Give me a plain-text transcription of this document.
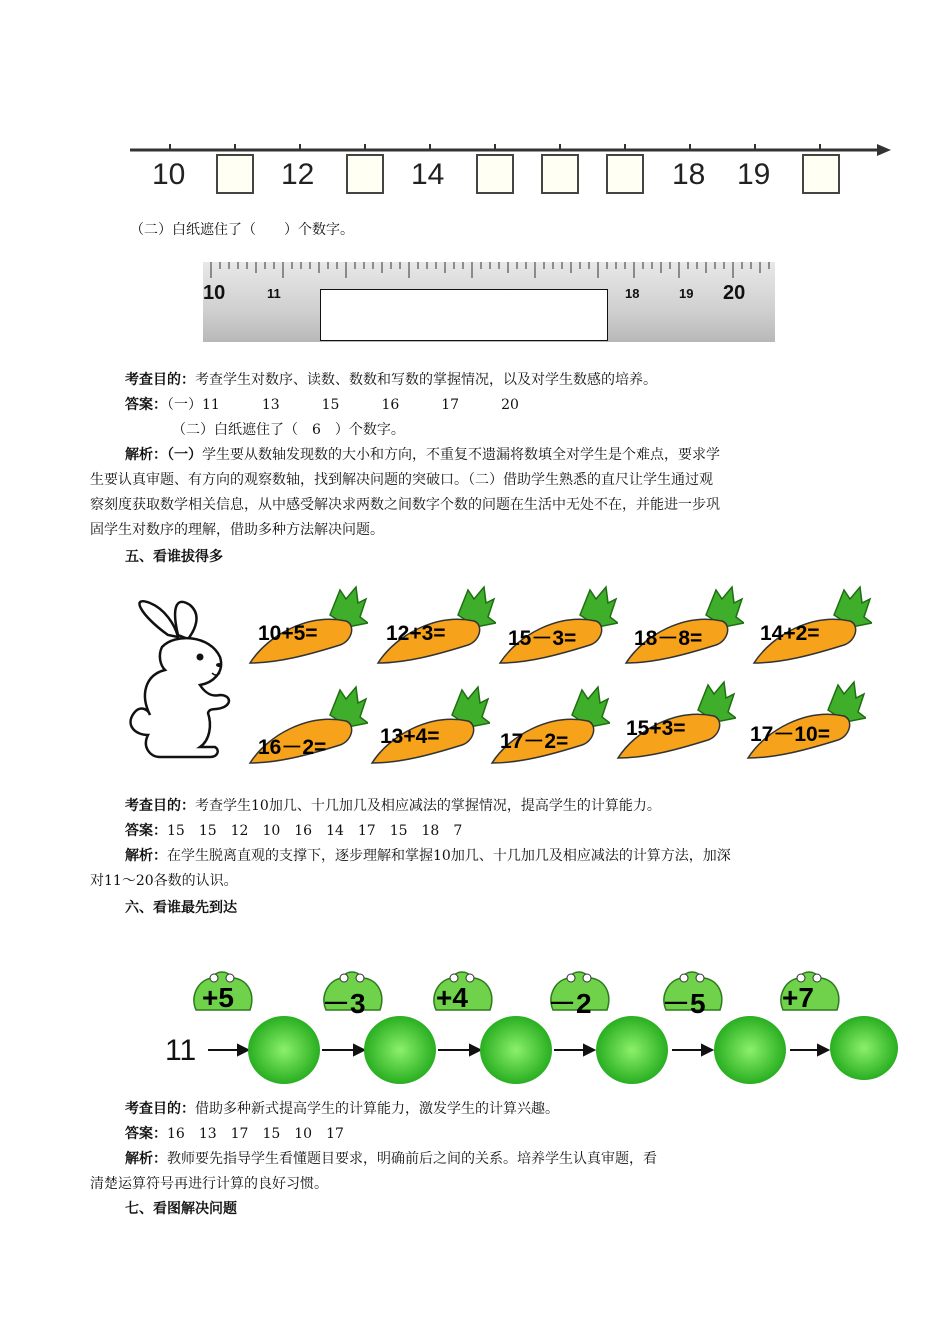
10	12	14	18 19
（二）白纸遮住了（　　）个数字。
10	11	18	19 20
考查目的：考查学生对数序、读数、数数和写数的掌握情况，以及对学生数感的培养。
答案：（一）11　　　13　　　15　　　16　　　17　　　20
（二）白纸遮住了（　6　）个数字。
解析：（一）学生要从数轴发现数的大小和方向，不重复不遗漏将数填全对学生是个难点，要求学
生要认真审题、有方向的观察数轴，找到解决问题的突破口。（二）借助学生熟悉的直尺让学生通过观
察刻度获取数学相关信息，从中感受解决求两数之间数字个数的问题在生活中无处不在，并能进一步巩
固学生对数序的理解，借助多种方法解决问题。
五、看谁拔得多
10+5=	12+3=	15－3=	18－8=	14+2=
16－2=	13+4=	17－2=
15+3=	17－10=
考查目的：考查学生10加几、十几加几及相应减法的掌握情况，提高学生的计算能力。
答案：15　15　12　10　16　14　17　15　18　7
解析：在学生脱离直观的支撑下，逐步理解和掌握10加几、十几加几及相应减法的计算方法，加深
对11～20各数的认识。
六、看谁最先到达
+5	－3	+4	－2	－5	+7
11
考查目的：借助多种新式提高学生的计算能力，激发学生的计算兴趣。
答案：16　13　17　15　10　17
解析：教师要先指导学生看懂题目要求，明确前后之间的关系。培养学生认真审题，看
清楚运算符号再进行计算的良好习惯。
七、看图解决问题
